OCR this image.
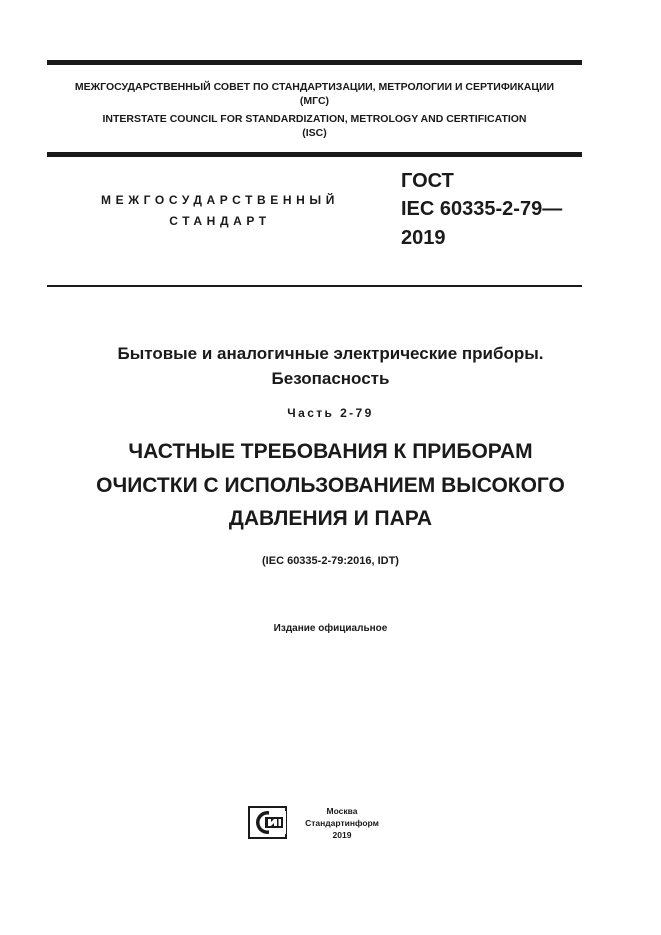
МЕЖГОСУДАРСТВЕННЫЙ СОВЕТ ПО СТАНДАРТИЗАЦИИ, МЕТРОЛОГИИ И СЕРТИФИКАЦИИ
(МГС)
INTERSTATE COUNCIL FOR STANDARDIZATION, METROLOGY AND CERTIFICATION
(ISC)
МЕЖГОСУДАРСТВЕННЫЙ
СТАНДАРТ
ГОСТ
IEC 60335-2-79—
2019
Бытовые и аналогичные электрические приборы.
Безопасность
Часть 2-79
ЧАСТНЫЕ ТРЕБОВАНИЯ К ПРИБОРАМ
ОЧИСТКИ С ИСПОЛЬЗОВАНИЕМ ВЫСОКОГО
ДАВЛЕНИЯ И ПАРА
(IEC 60335-2-79:2016, IDT)
Издание официальное
Москва
Стандартинформ
2019
